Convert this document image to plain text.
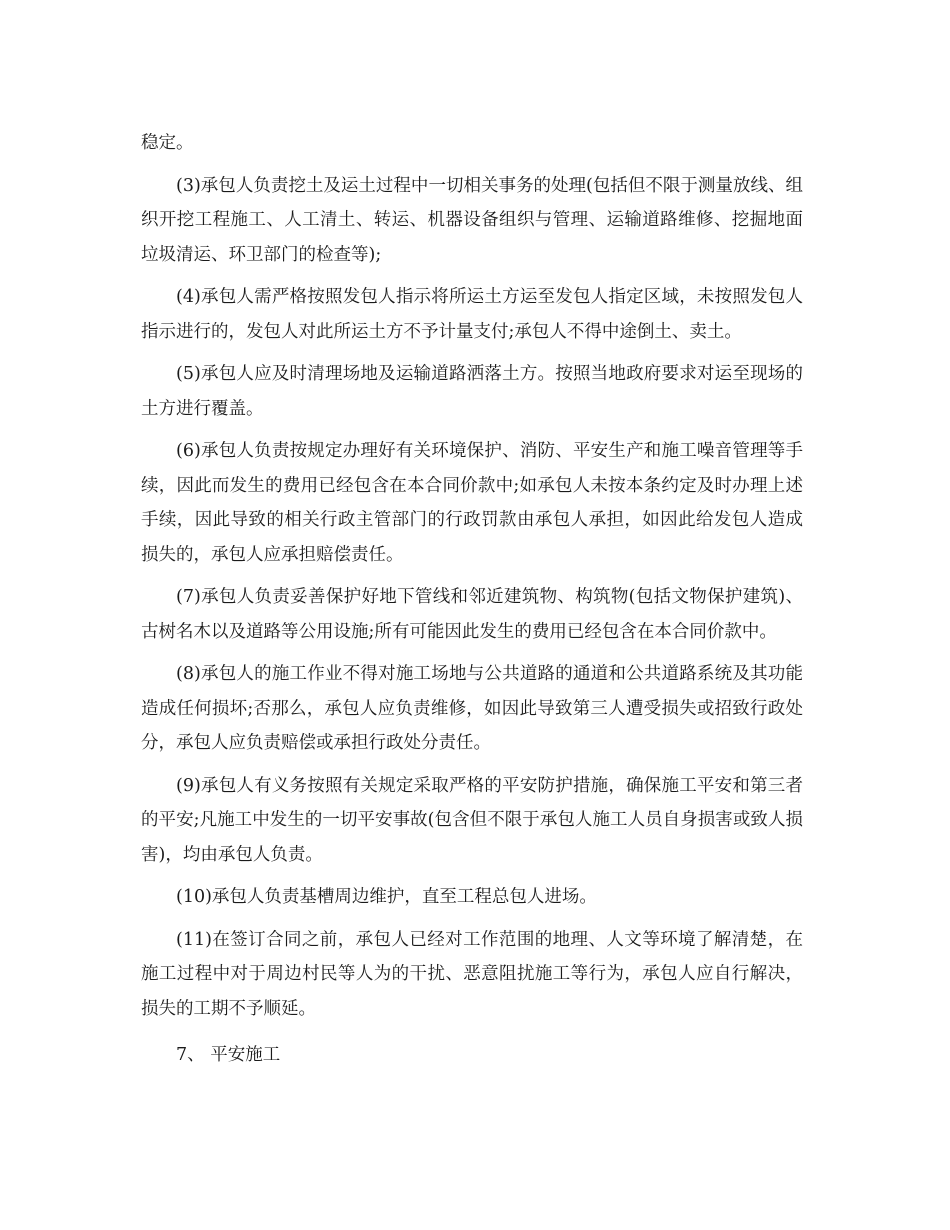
稳定。

(3)承包人负责挖土及运土过程中一切相关事务的处理(包括但不限于测量放线、组织开挖工程施工、人工清土、转运、机器设备组织与管理、运输道路维修、挖掘地面垃圾清运、环卫部门的检查等);

(4)承包人需严格按照发包人指示将所运土方运至发包人指定区域，未按照发包人指示进行的，发包人对此所运土方不予计量支付;承包人不得中途倒土、卖土。

(5)承包人应及时清理场地及运输道路洒落土方。按照当地政府要求对运至现场的土方进行覆盖。

(6)承包人负责按规定办理好有关环境保护、消防、平安生产和施工噪音管理等手续，因此而发生的费用已经包含在本合同价款中;如承包人未按本条约定及时办理上述手续，因此导致的相关行政主管部门的行政罚款由承包人承担，如因此给发包人造成损失的，承包人应承担赔偿责任。

(7)承包人负责妥善保护好地下管线和邻近建筑物、构筑物(包括文物保护建筑)、古树名木以及道路等公用设施;所有可能因此发生的费用已经包含在本合同价款中。

(8)承包人的施工作业不得对施工场地与公共道路的通道和公共道路系统及其功能造成任何损坏;否那么，承包人应负责维修，如因此导致第三人遭受损失或招致行政处分，承包人应负责赔偿或承担行政处分责任。

(9)承包人有义务按照有关规定采取严格的平安防护措施，确保施工平安和第三者的平安;凡施工中发生的一切平安事故(包含但不限于承包人施工人员自身损害或致人损害)，均由承包人负责。

(10)承包人负责基槽周边维护，直至工程总包人进场。

(11)在签订合同之前，承包人已经对工作范围的地理、人文等环境了解清楚，在施工过程中对于周边村民等人为的干扰、恶意阻扰施工等行为，承包人应自行解决，损失的工期不予顺延。

7、 平安施工
